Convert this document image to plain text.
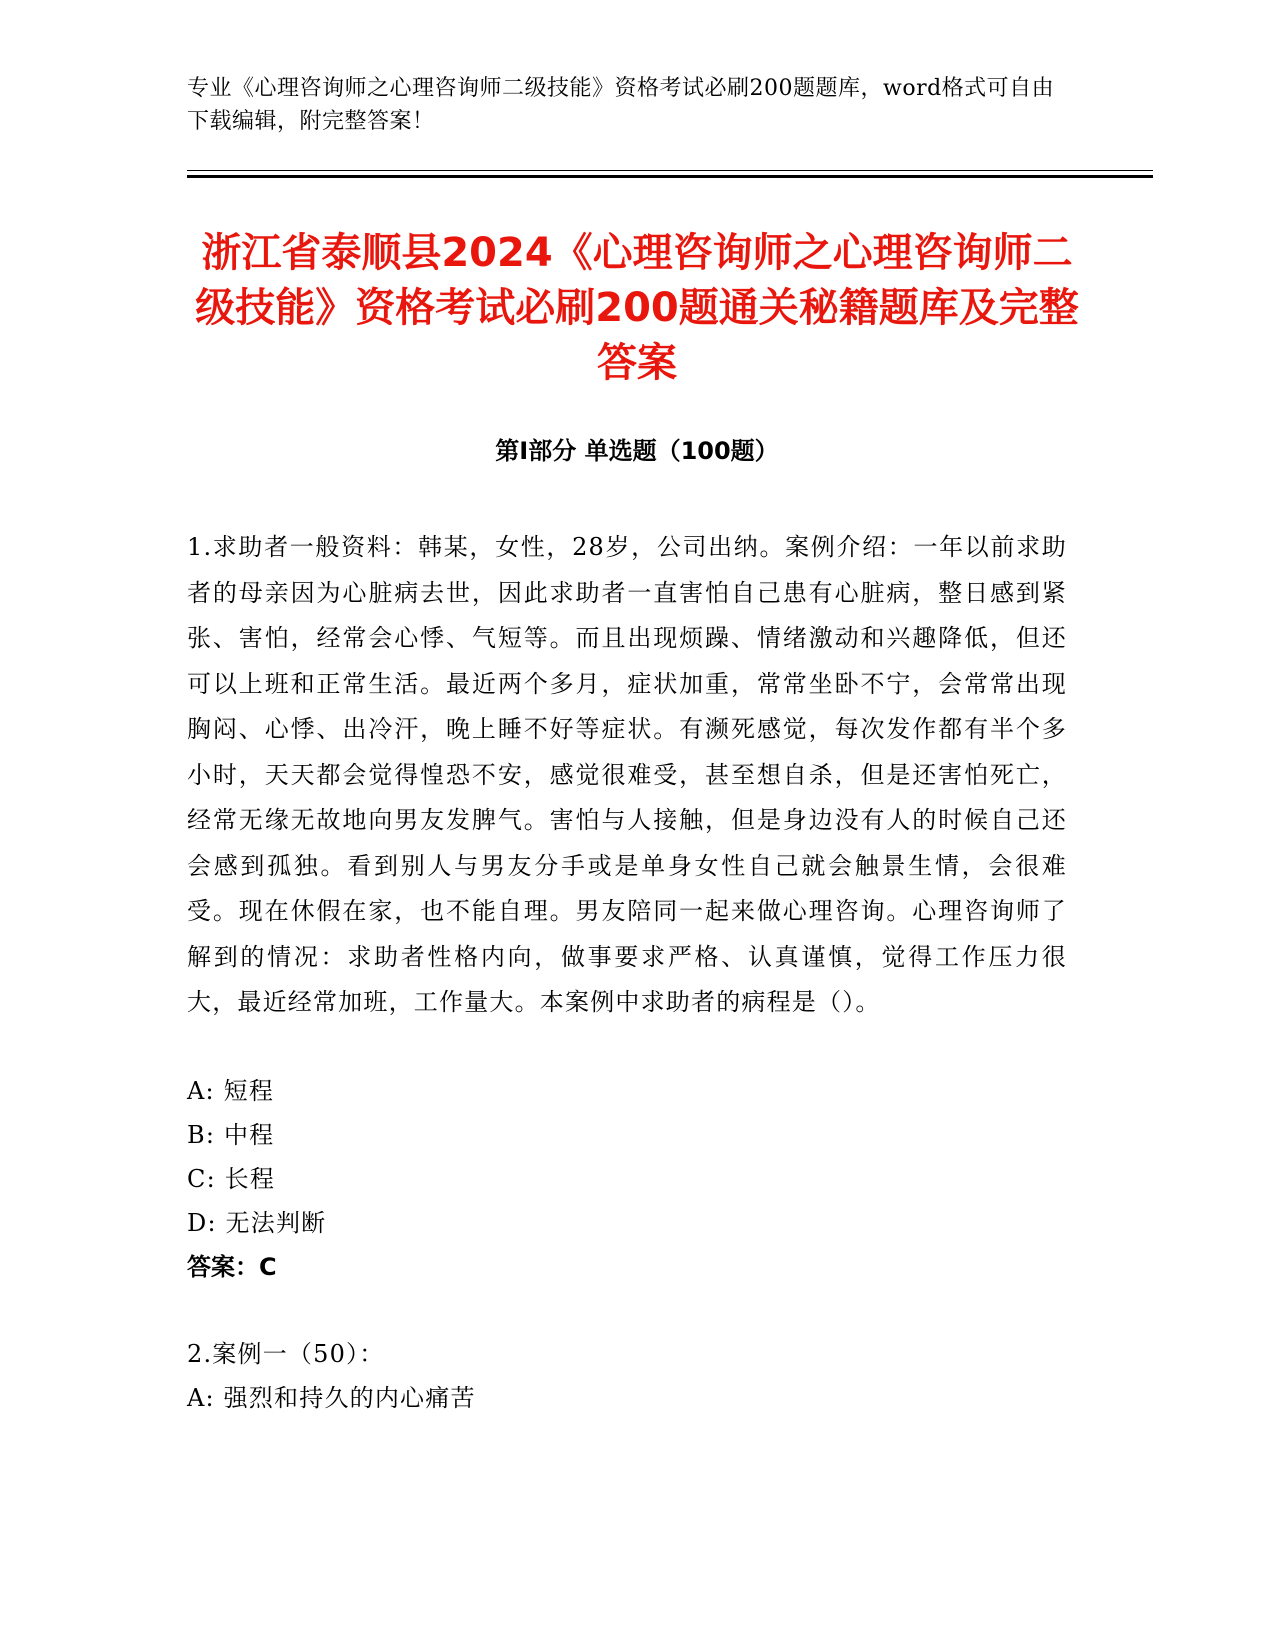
专业《心理咨询师之心理咨询师二级技能》资格考试必刷200题题库，word格式可自由下载编辑，附完整答案！
浙江省泰顺县2024《心理咨询师之心理咨询师二级技能》资格考试必刷200题通关秘籍题库及完整答案
第Ⅰ部分 单选题（100题）
1.求助者一般资料：韩某，女性，28岁，公司出纳。案例介绍：一年以前求助者的母亲因为心脏病去世，因此求助者一直害怕自己患有心脏病，整日感到紧张、害怕，经常会心悸、气短等。而且出现烦躁、情绪激动和兴趣降低，但还可以上班和正常生活。最近两个多月，症状加重，常常坐卧不宁，会常常出现胸闷、心悸、出冷汗，晚上睡不好等症状。有濒死感觉，每次发作都有半个多小时，天天都会觉得惶恐不安，感觉很难受，甚至想自杀，但是还害怕死亡，经常无缘无故地向男友发脾气。害怕与人接触，但是身边没有人的时候自己还会感到孤独。看到别人与男友分手或是单身女性自己就会触景生情，会很难受。现在休假在家，也不能自理。男友陪同一起来做心理咨询。心理咨询师了解到的情况：求助者性格内向，做事要求严格、认真谨慎，觉得工作压力很大，最近经常加班，工作量大。本案例中求助者的病程是（）。
A: 短程
B: 中程
C: 长程
D: 无法判断
答案：C
2.案例一（50）：
A: 强烈和持久的内心痛苦
